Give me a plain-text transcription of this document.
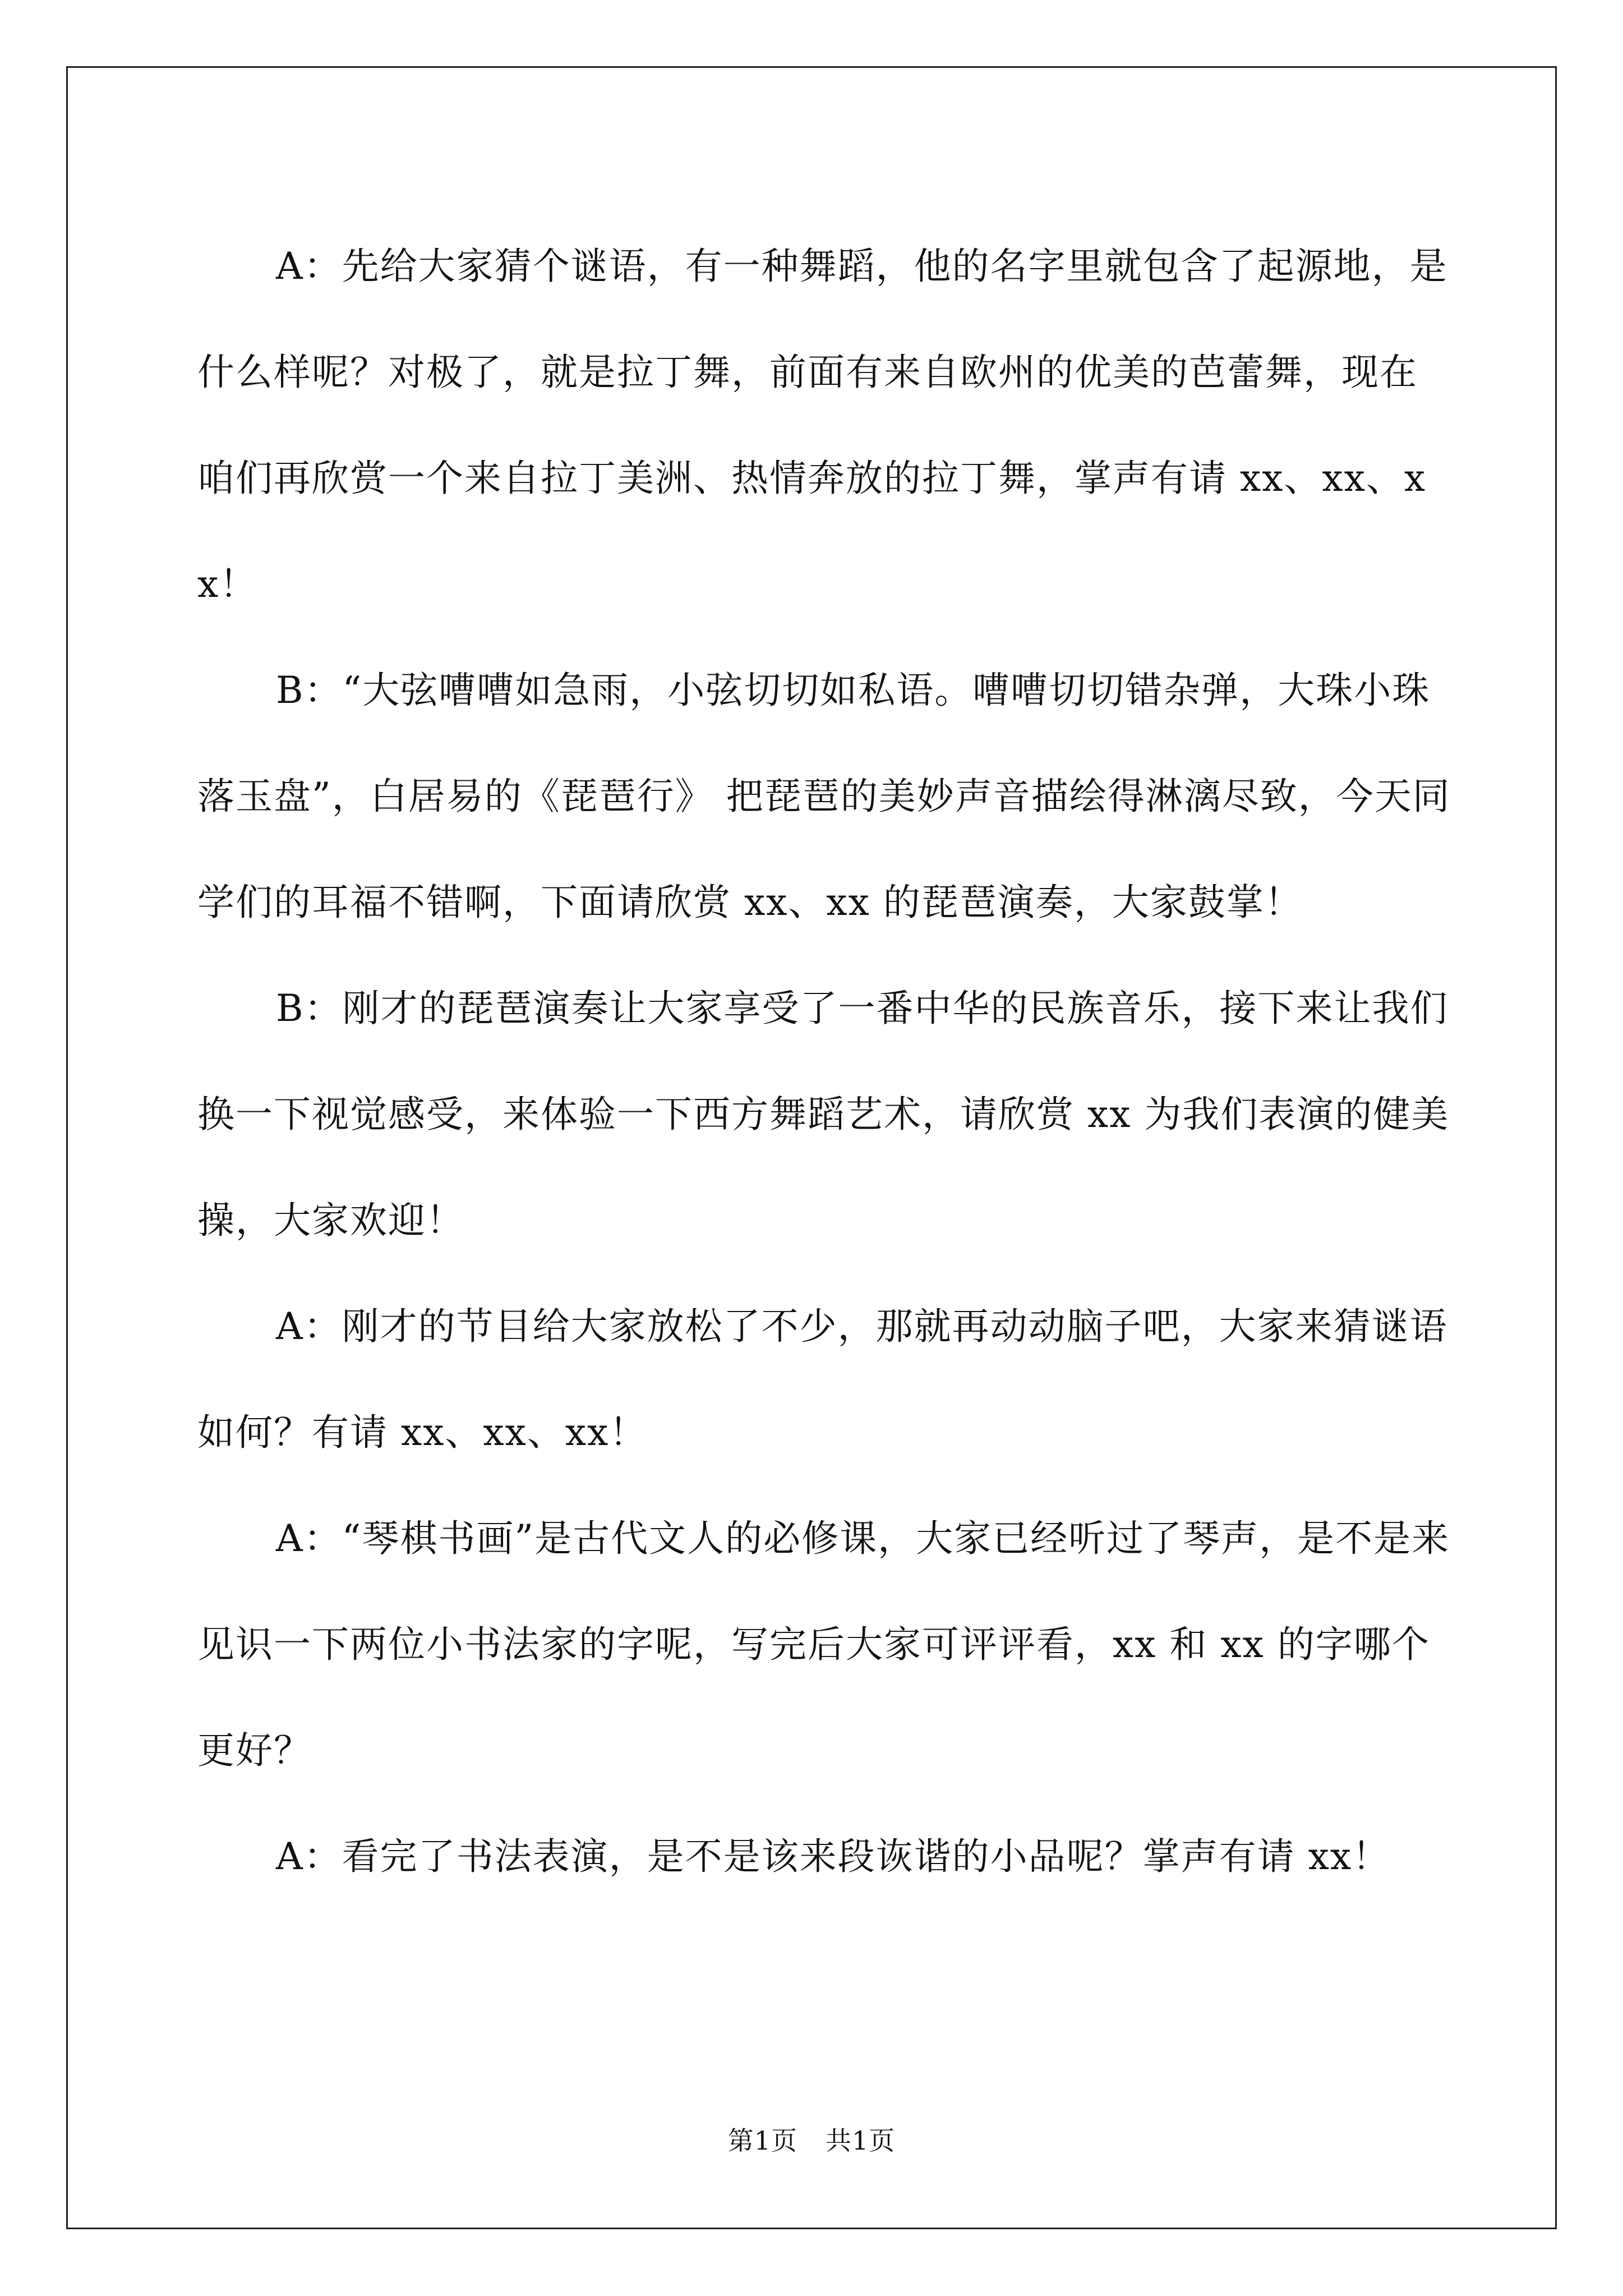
A：先给大家猜个谜语，有一种舞蹈，他的名字里就包含了起源地，是什么样呢？对极了，就是拉丁舞，前面有来自欧州的优美的芭蕾舞，现在咱们再欣赏一个来自拉丁美洲、热情奔放的拉丁舞，掌声有请 xx、xx、xx！

B：“大弦嘈嘈如急雨，小弦切切如私语。嘈嘈切切错杂弹，大珠小珠落玉盘”，白居易的《琵琶行》 把琵琶的美妙声音描绘得淋漓尽致，今天同学们的耳福不错啊，下面请欣赏 xx、xx 的琵琶演奏，大家鼓掌！

B：刚才的琵琶演奏让大家享受了一番中华的民族音乐，接下来让我们换一下视觉感受，来体验一下西方舞蹈艺术，请欣赏 xx 为我们表演的健美操，大家欢迎！

A：刚才的节目给大家放松了不少，那就再动动脑子吧，大家来猜谜语如何？有请 xx、xx、xx！

A：“琴棋书画”是古代文人的必修课，大家已经听过了琴声，是不是来见识一下两位小书法家的字呢，写完后大家可评评看，xx 和 xx 的字哪个更好？

A：看完了书法表演，是不是该来段诙谐的小品呢？掌声有请 xx！

第1页 共1页
